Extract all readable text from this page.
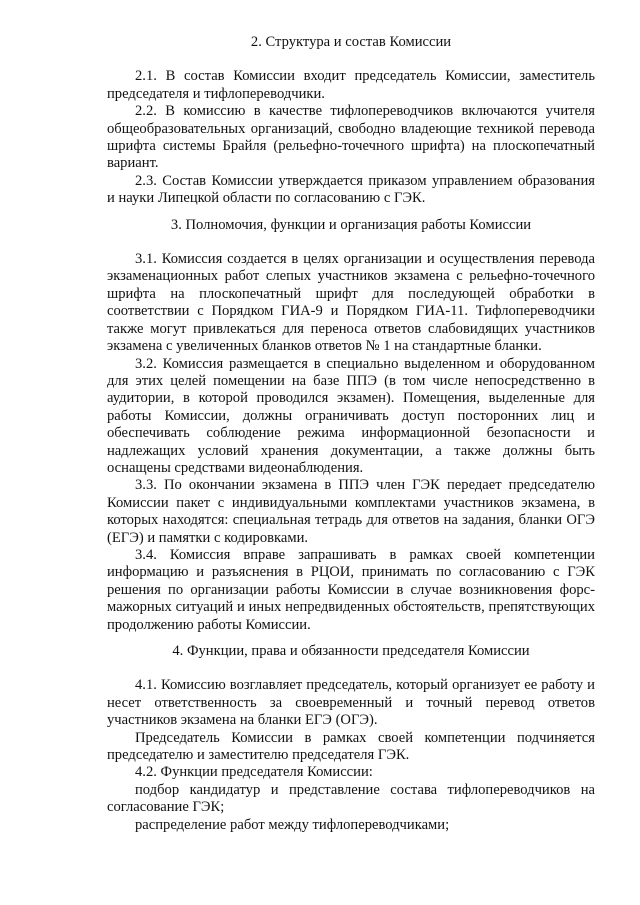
2. Структура и состав Комиссии

2.1. В состав Комиссии входит председатель Комиссии, заместитель председателя и тифлопереводчики.

2.2. В комиссию в качестве тифлопереводчиков включаются учителя общеобразовательных организаций, свободно владеющие техникой перевода шрифта системы Брайля (рельефно-точечного шрифта) на плоскопечатный вариант.

2.3. Состав Комиссии утверждается приказом управлением образования и науки Липецкой области по согласованию с ГЭК.

3. Полномочия, функции и организация работы Комиссии

3.1. Комиссия создается в целях организации и осуществления перевода экзаменационных работ слепых участников экзамена с рельефно-точечного шрифта на плоскопечатный шрифт для последующей обработки в соответствии с Порядком ГИА-9 и Порядком ГИА-11. Тифлопереводчики также могут привлекаться для переноса ответов слабовидящих участников экзамена с увеличенных бланков ответов № 1 на стандартные бланки.

3.2. Комиссия размещается в специально выделенном и оборудованном для этих целей помещении на базе ППЭ (в том числе непосредственно в аудитории, в которой проводился экзамен). Помещения, выделенные для работы Комиссии, должны ограничивать доступ посторонних лиц и обеспечивать соблюдение режима информационной безопасности и надлежащих условий хранения документации, а также должны быть оснащены средствами видеонаблюдения.

3.3. По окончании экзамена в ППЭ член ГЭК передает председателю Комиссии пакет с индивидуальными комплектами участников экзамена, в которых находятся: специальная тетрадь для ответов на задания, бланки ОГЭ (ЕГЭ) и памятки с кодировками.

3.4. Комиссия вправе запрашивать в рамках своей компетенции информацию и разъяснения в РЦОИ, принимать по согласованию с ГЭК решения по организации работы Комиссии в случае возникновения форс-мажорных ситуаций и иных непредвиденных обстоятельств, препятствующих продолжению работы Комиссии.

4. Функции, права и обязанности председателя Комиссии

4.1. Комиссию возглавляет председатель, который организует ее работу и несет ответственность за своевременный и точный перевод ответов участников экзамена на бланки ЕГЭ (ОГЭ).

Председатель Комиссии в рамках своей компетенции подчиняется председателю и заместителю председателя ГЭК.

4.2. Функции председателя Комиссии:

подбор кандидатур и представление состава тифлопереводчиков на согласование ГЭК;

распределение работ между тифлопереводчиками;
